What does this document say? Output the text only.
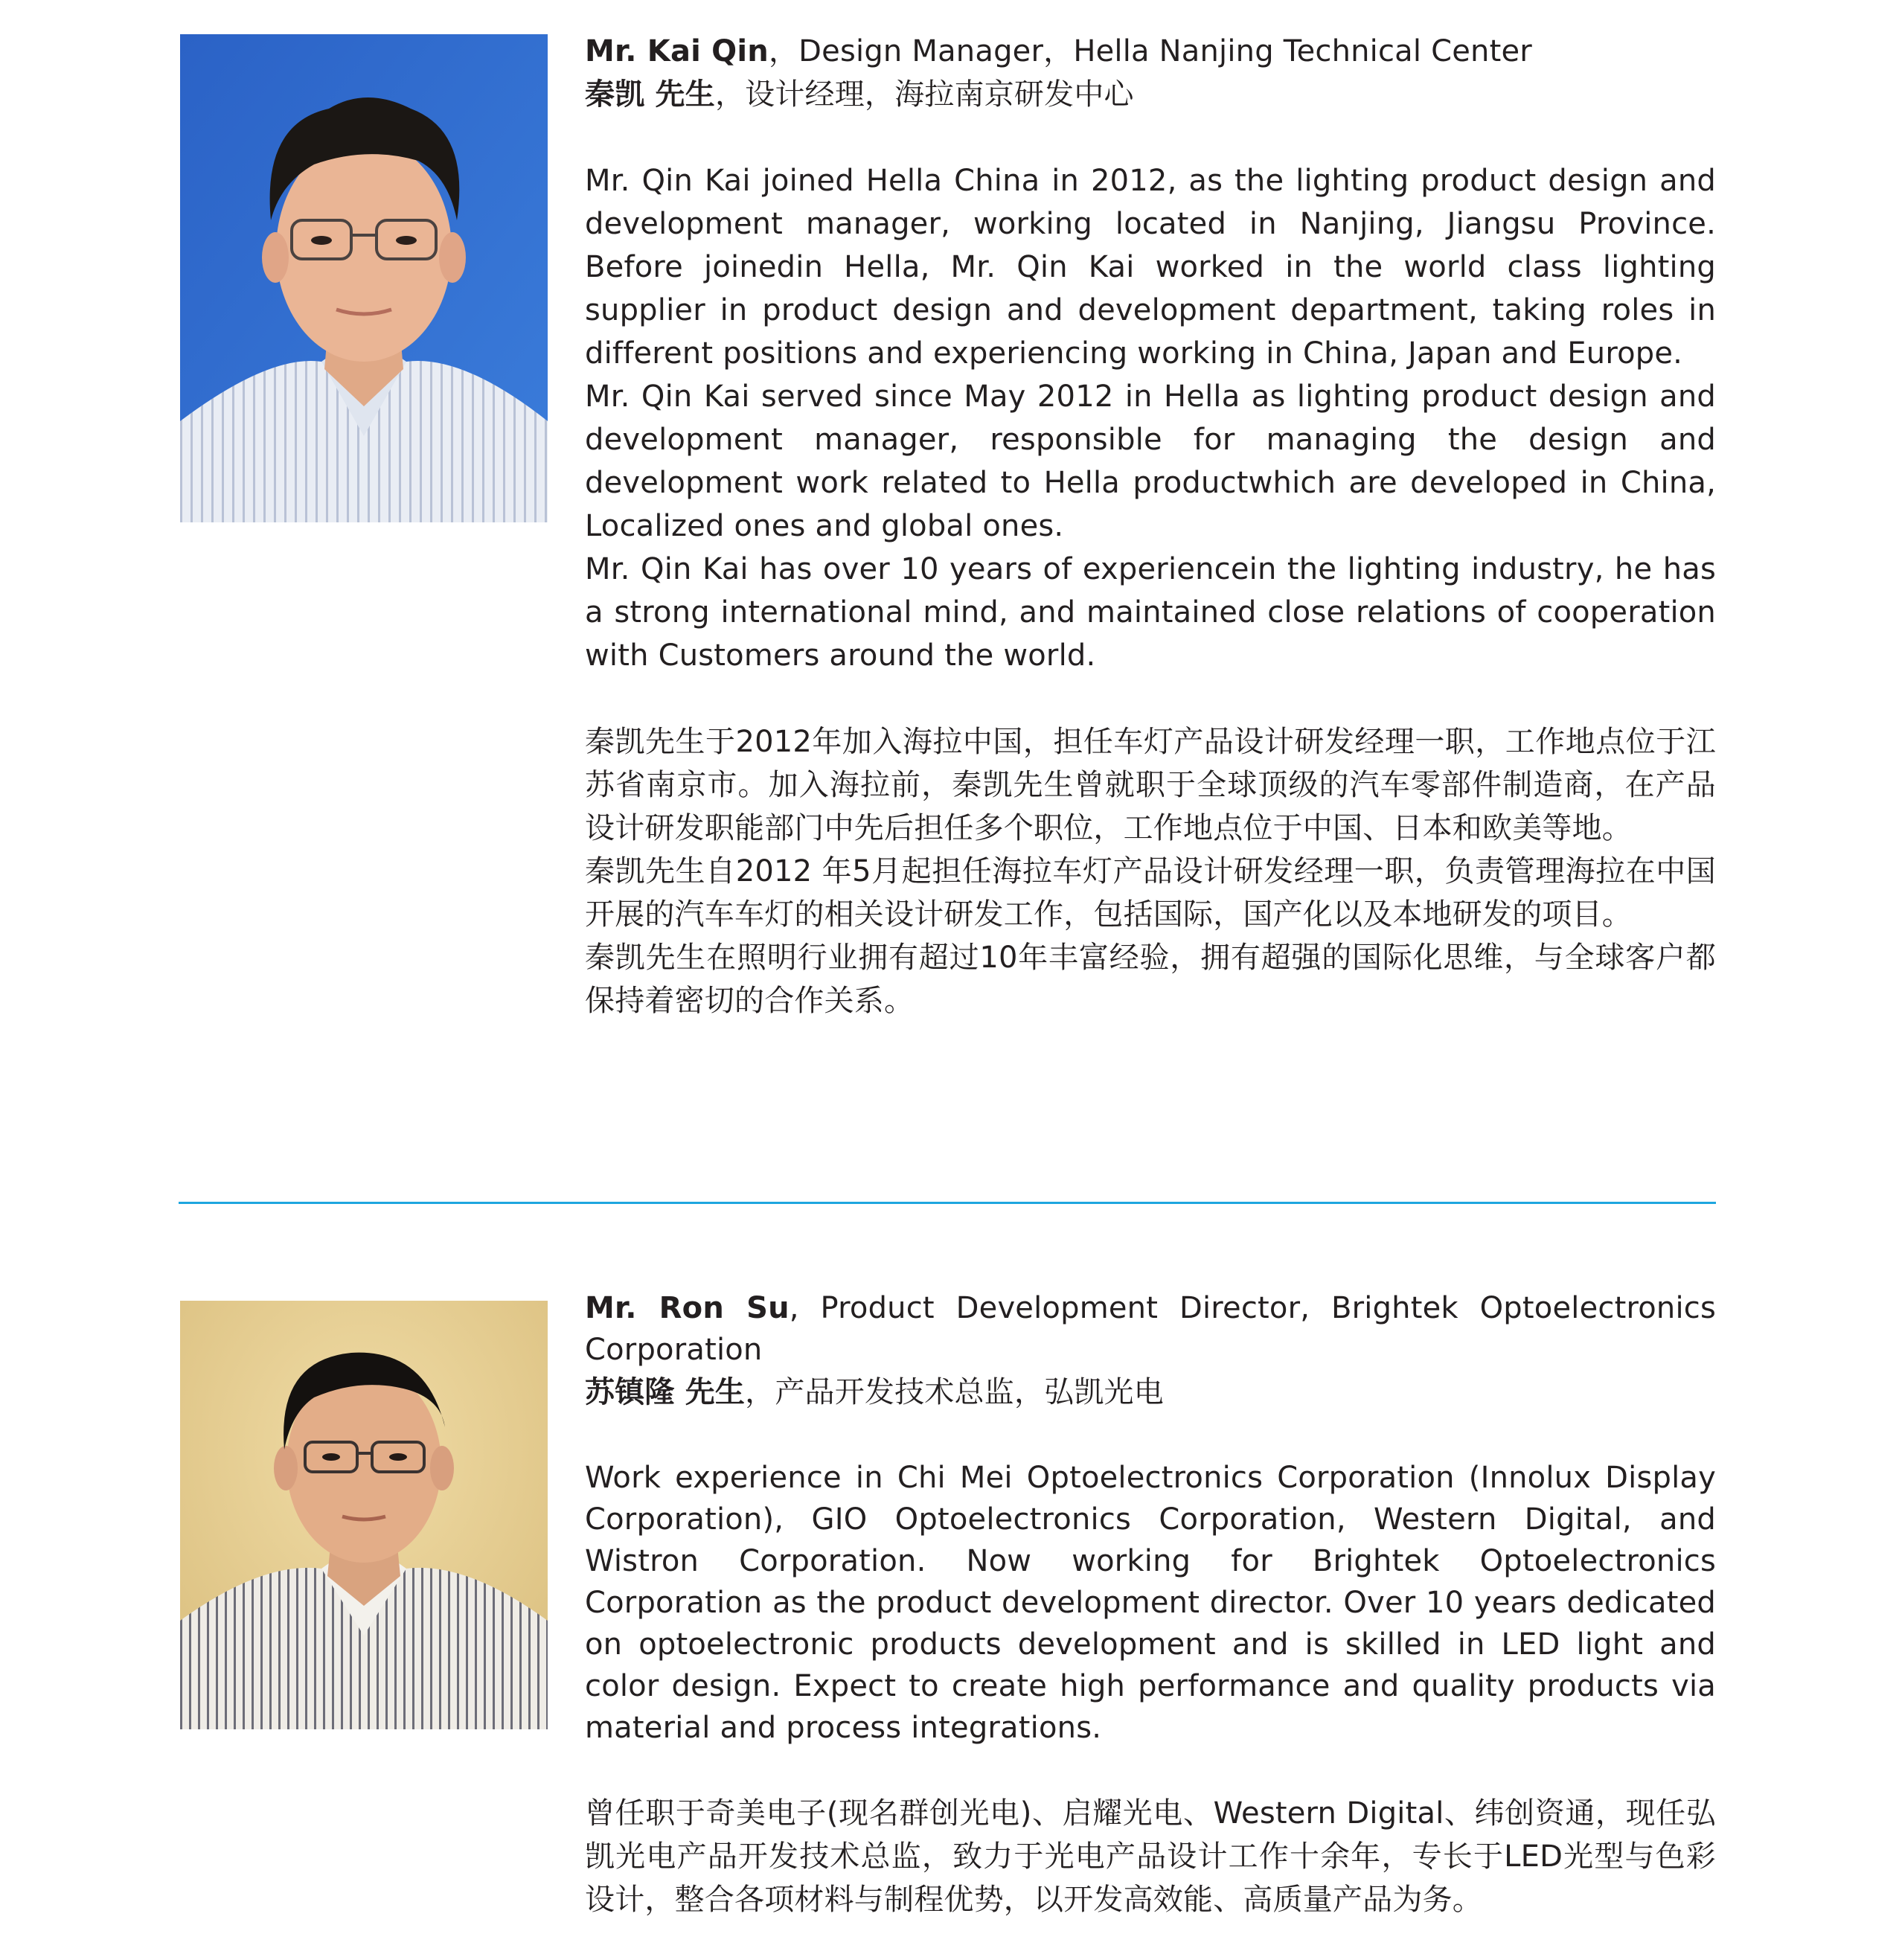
Mr. Kai Qin，Design Manager，Hella Nanjing Technical Center

秦凯 先生，设计经理，海拉南京研发中心

Mr. Qin Kai joined Hella China in 2012, as the lighting product design and development manager, working located in Nanjing, Jiangsu Province. Before joinedin Hella, Mr. Qin Kai worked in the world class lighting supplier in product design and development department, taking roles in different positions and experiencing working in China, Japan and Europe.

Mr. Qin Kai served since May 2012 in Hella as lighting product design and development manager, responsible for managing the design and development work related to Hella productwhich are developed in China, Localized ones and global ones.

Mr. Qin Kai has over 10 years of experiencein the lighting industry, he has a strong international mind, and maintained close relations of cooperation with Customers around the world.

秦凯先生于2012年加入海拉中国，担任车灯产品设计研发经理一职，工作地点位于江苏省南京市。加入海拉前，秦凯先生曾就职于全球顶级的汽车零部件制造商，在产品设计研发职能部门中先后担任多个职位，工作地点位于中国、日本和欧美等地。

秦凯先生自2012 年5月起担任海拉车灯产品设计研发经理一职，负责管理海拉在中国开展的汽车车灯的相关设计研发工作，包括国际，国产化以及本地研发的项目。

秦凯先生在照明行业拥有超过10年丰富经验，拥有超强的国际化思维，与全球客户都保持着密切的合作关系。

Mr. Ron Su, Product Development Director, Brightek Optoelectronics Corporation

苏镇隆 先生，产品开发技术总监，弘凯光电

Work experience in Chi Mei Optoelectronics Corporation (Innolux Display Corporation), GIO Optoelectronics Corporation, Western Digital, and Wistron Corporation. Now working for Brightek Optoelectronics Corporation as the product development director. Over 10 years dedicated on optoelectronic products development and is skilled in LED light and color design. Expect to create high performance and quality products via material and process integrations.

曾任职于奇美电子(现名群创光电)、启耀光电、Western Digital、纬创资通，现任弘凯光电产品开发技术总监，致力于光电产品设计工作十余年，专长于LED光型与色彩设计，整合各项材料与制程优势，以开发高效能、高质量产品为务。
